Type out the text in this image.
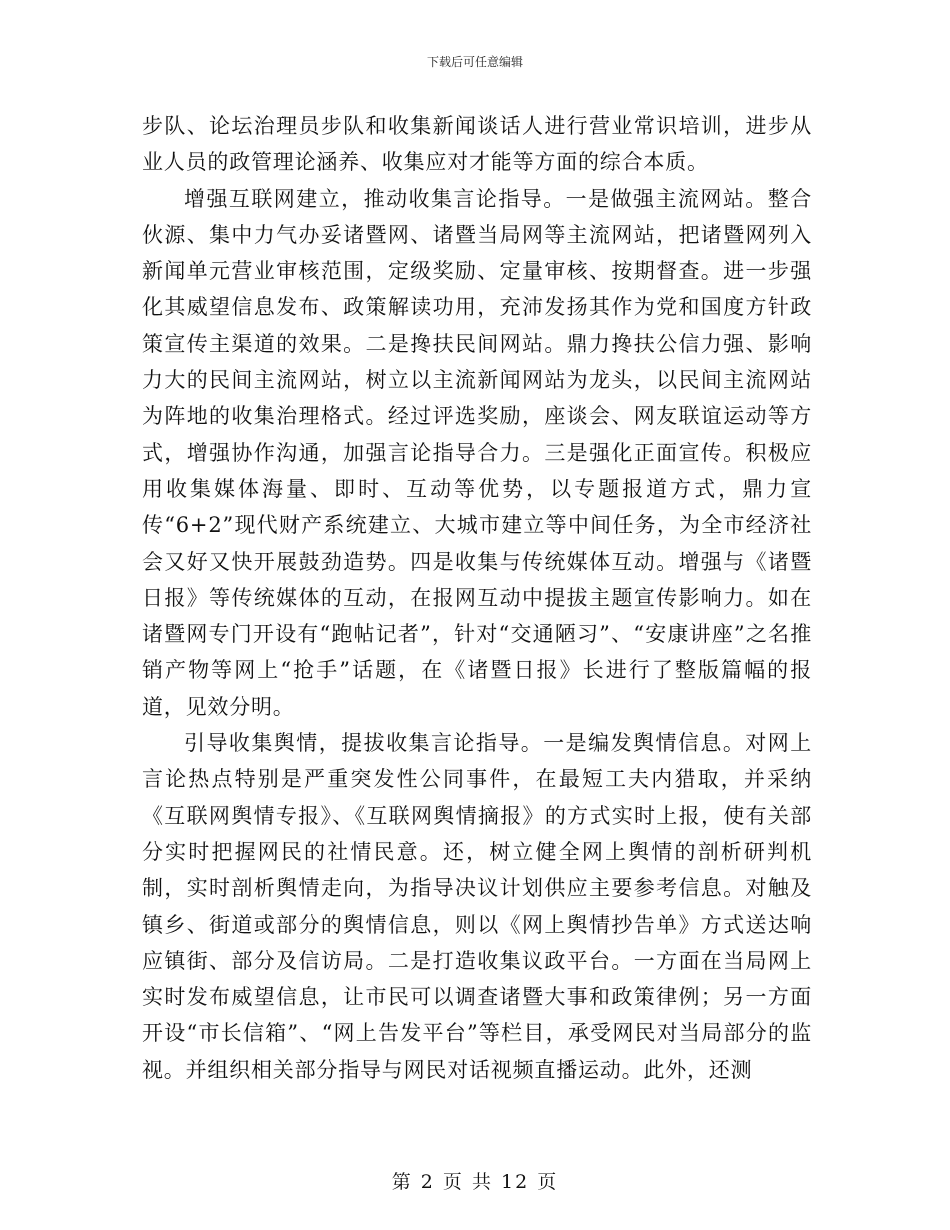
下载后可任意编辑

步队、论坛治理员步队和收集新闻谈话人进行营业常识培训，进步从业人员的政管理论涵养、收集应对才能等方面的综合本质。

增强互联网建立，推动收集言论指导。一是做强主流网站。整合伙源、集中力气办妥诸暨网、诸暨当局网等主流网站，把诸暨网列入新闻单元营业审核范围，定级奖励、定量审核、按期督查。进一步强化其威望信息发布、政策解读功用，充沛发扬其作为党和国度方针政策宣传主渠道的效果。二是搀扶民间网站。鼎力搀扶公信力强、影响力大的民间主流网站，树立以主流新闻网站为龙头，以民间主流网站为阵地的收集治理格式。经过评选奖励，座谈会、网友联谊运动等方式，增强协作沟通，加强言论指导合力。三是强化正面宣传。积极应用收集媒体海量、即时、互动等优势，以专题报道方式，鼎力宣传“6+2”现代财产系统建立、大城市建立等中间任务，为全市经济社会又好又快开展鼓劲造势。四是收集与传统媒体互动。增强与《诸暨日报》等传统媒体的互动，在报网互动中提拔主题宣传影响力。如在诸暨网专门开设有“跑帖记者”，针对“交通陋习”、“安康讲座”之名推销产物等网上“抢手”话题，在《诸暨日报》长进行了整版篇幅的报道，见效分明。

引导收集舆情，提拔收集言论指导。一是编发舆情信息。对网上言论热点特别是严重突发性公同事件，在最短工夫内猎取，并采纳《互联网舆情专报》、《互联网舆情摘报》的方式实时上报，使有关部分实时把握网民的社情民意。还，树立健全网上舆情的剖析研判机制，实时剖析舆情走向，为指导决议计划供应主要参考信息。对触及镇乡、街道或部分的舆情信息，则以《网上舆情抄告单》方式送达响应镇街、部分及信访局。二是打造收集议政平台。一方面在当局网上实时发布威望信息，让市民可以调查诸暨大事和政策律例；另一方面开设“市长信箱”、“网上告发平台”等栏目，承受网民对当局部分的监视。并组织相关部分指导与网民对话视频直播运动。此外，还测

第 2 页 共 12 页
